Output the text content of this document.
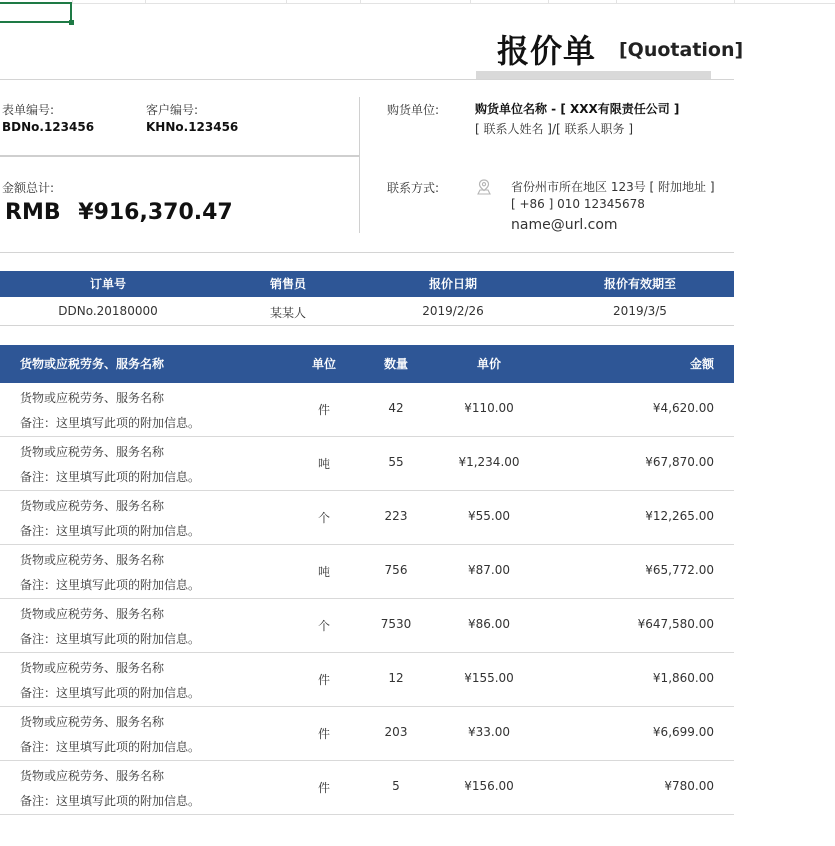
报价单 [Quotation]
表单编号:
BDNo.123456
客户编号:
KHNo.123456
金额总计:
RMB ¥916,370.47
购货单位:	购货单位名称 - [ XXX有限责任公司 ]
[ 联系人姓名 ]/[ 联系人职务 ]
联系方式:	省份州市所在地区 123号 [ 附加地址 ]
[ +86 ] 010 12345678
name@url.com
订单号	销售员	报价日期	报价有效期至
DDNo.20180000	某某人	2019/2/26	2019/3/5
货物或应税劳务、服务名称	单位	数量	单价	金额
货物或应税劳务、服务名称
备注：这里填写此项的附加信息。
件	42	¥110.00	¥4,620.00
货物或应税劳务、服务名称
备注：这里填写此项的附加信息。
吨	55	¥1,234.00	¥67,870.00
货物或应税劳务、服务名称
备注：这里填写此项的附加信息。
个	223	¥55.00	¥12,265.00
货物或应税劳务、服务名称
备注：这里填写此项的附加信息。
吨	756	¥87.00	¥65,772.00
货物或应税劳务、服务名称
备注：这里填写此项的附加信息。
个	7530	¥86.00	¥647,580.00
货物或应税劳务、服务名称
备注：这里填写此项的附加信息。
件	12	¥155.00	¥1,860.00
货物或应税劳务、服务名称
备注：这里填写此项的附加信息。
件	203	¥33.00	¥6,699.00
货物或应税劳务、服务名称
备注：这里填写此项的附加信息。
件	5	¥156.00	¥780.00
